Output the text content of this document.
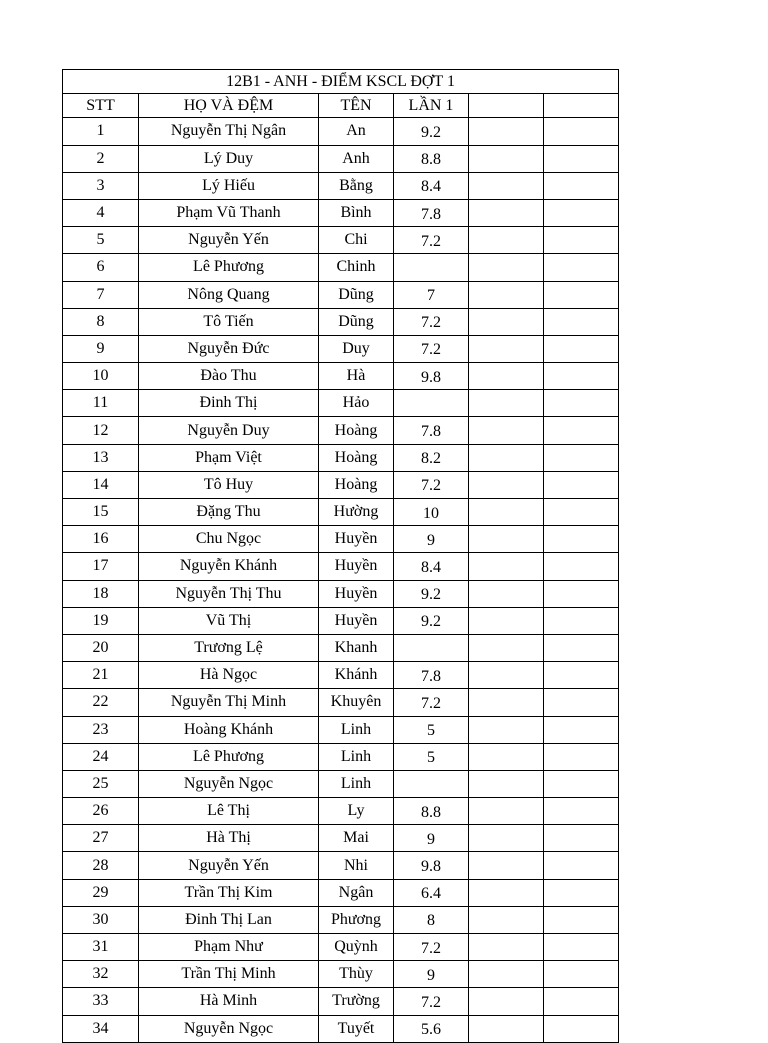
12B1 - ANH - ĐIỂM KSCL ĐỢT 1					
STT	HỌ VÀ ĐỆM	TÊN	LẦN 1		
1	Nguyễn Thị Ngân	An	9.2		
2	Lý Duy	Anh	8.8		
3	Lý Hiếu	Bằng	8.4		
4	Phạm Vũ Thanh	Bình	7.8		
5	Nguyễn Yến	Chi	7.2		
6	Lê Phương	Chinh			
7	Nông Quang	Dũng	7		
8	Tô Tiến	Dũng	7.2		
9	Nguyễn Đức	Duy	7.2		
10	Đào Thu	Hà	9.8		
11	Đinh Thị	Hảo			
12	Nguyễn Duy	Hoàng	7.8		
13	Phạm Việt	Hoàng	8.2		
14	Tô Huy	Hoàng	7.2		
15	Đặng Thu	Hường	10		
16	Chu Ngọc	Huyền	9		
17	Nguyễn Khánh	Huyền	8.4		
18	Nguyễn Thị Thu	Huyền	9.2		
19	Vũ Thị	Huyền	9.2		
20	Trương Lệ	Khanh			
21	Hà Ngọc	Khánh	7.8		
22	Nguyễn Thị Minh	Khuyên	7.2		
23	Hoàng Khánh	Linh	5		
24	Lê Phương	Linh	5		
25	Nguyễn Ngọc	Linh			
26	Lê Thị	Ly	8.8		
27	Hà Thị	Mai	9		
28	Nguyễn Yến	Nhi	9.8		
29	Trần Thị Kim	Ngân	6.4		
30	Đinh Thị Lan	Phương	8		
31	Phạm Như	Quỳnh	7.2		
32	Trần Thị Minh	Thùy	9		
33	Hà Minh	Trường	7.2		
34	Nguyễn Ngọc	Tuyết	5.6		
